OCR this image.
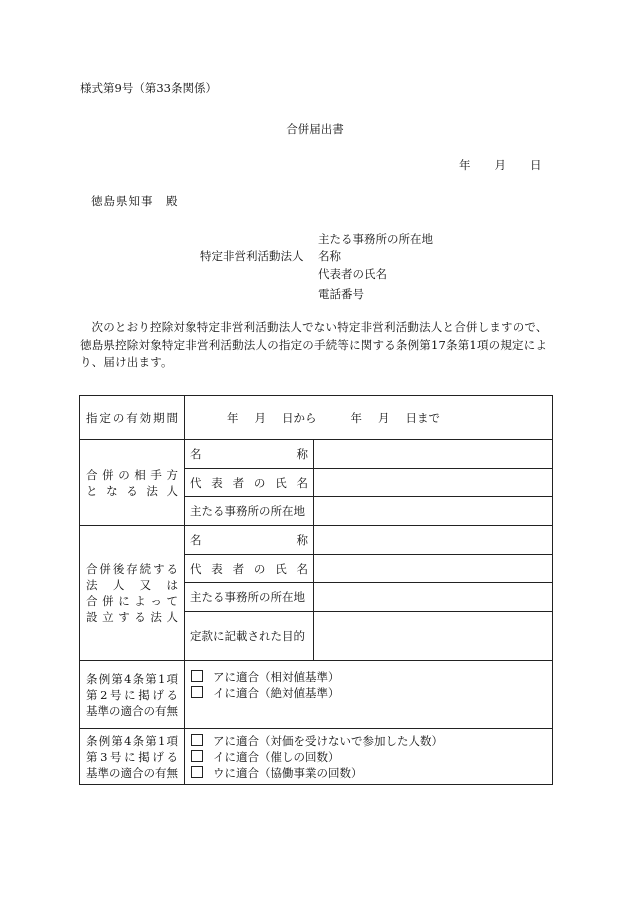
様式第9号（第33条関係）
合併届出書
年 月 日
徳島県知事　殿
特定非営利活動法人
主たる事務所の所在地
名称
代表者の氏名
電話番号
次のとおり控除対象特定非営利活動法人でない特定非営利活動法人と合併しますので、徳島県控除対象特定非営利活動法人の指定の手続等に関する条例第17条第1項の規定により、届け出ます。
指定の有効期間	年 月 日から 年 月 日まで	
合併の相手方
となる法人	名称	

	代表者の氏名	

	主たる事務所の所在地	

合併後存続する
法人又は
合併によって
設立する法人	名称	

	代表者の氏名	

	主たる事務所の所在地	

	定款に記載された目的	

条例第4条第1項
第2号に掲げる
基準の適合の有無	アに適合（相対値基準）
イに適合（絶対値基準）	

条例第4条第1項
第3号に掲げる
基準の適合の有無	アに適合（対価を受けないで参加した人数）
イに適合（催しの回数）
ウに適合（協働事業の回数）	
